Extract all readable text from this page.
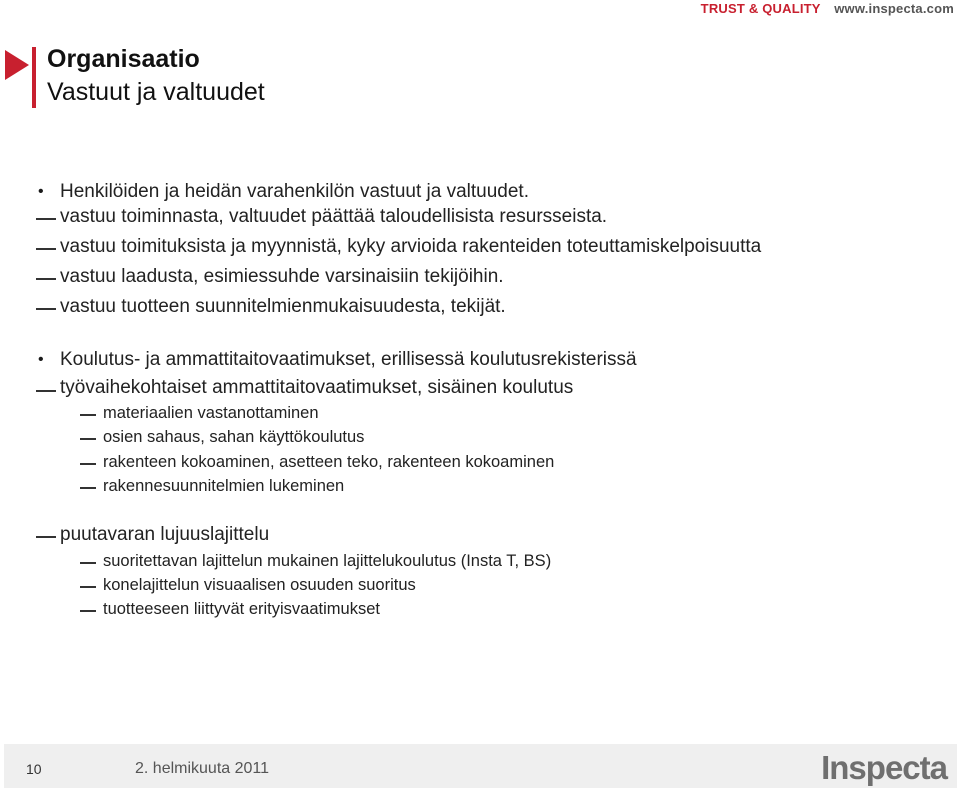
TRUST & QUALITY www.inspecta.com
Organisaatio
Vastuut ja valtuudet
• Henkilöiden ja heidän varahenkilön vastuut ja valtuudet.
vastuu toiminnasta, valtuudet päättää taloudellisista resursseista.
vastuu toimituksista ja myynnistä, kyky arvioida rakenteiden toteuttamiskelpoisuutta
vastuu laadusta, esimiessuhde varsinaisiin tekijöihin.
vastuu tuotteen suunnitelmienmukaisuudesta, tekijät.
• Koulutus- ja ammattitaitovaatimukset, erillisessä koulutusrekisterissä
työvaihekohtaiset ammattitaitovaatimukset, sisäinen koulutus
materiaalien vastanottaminen
osien sahaus, sahan käyttökoulutus
rakenteen kokoaminen, asetteen teko, rakenteen kokoaminen
rakennesuunnitelmien lukeminen
puutavaran lujuuslajittelu
suoritettavan lajittelun mukainen lajittelukoulutus (Insta T, BS)
konelajittelun visuaalisen osuuden suoritus
tuotteeseen liittyvät erityisvaatimukset
10	2. helmikuuta 2011	Inspecta
